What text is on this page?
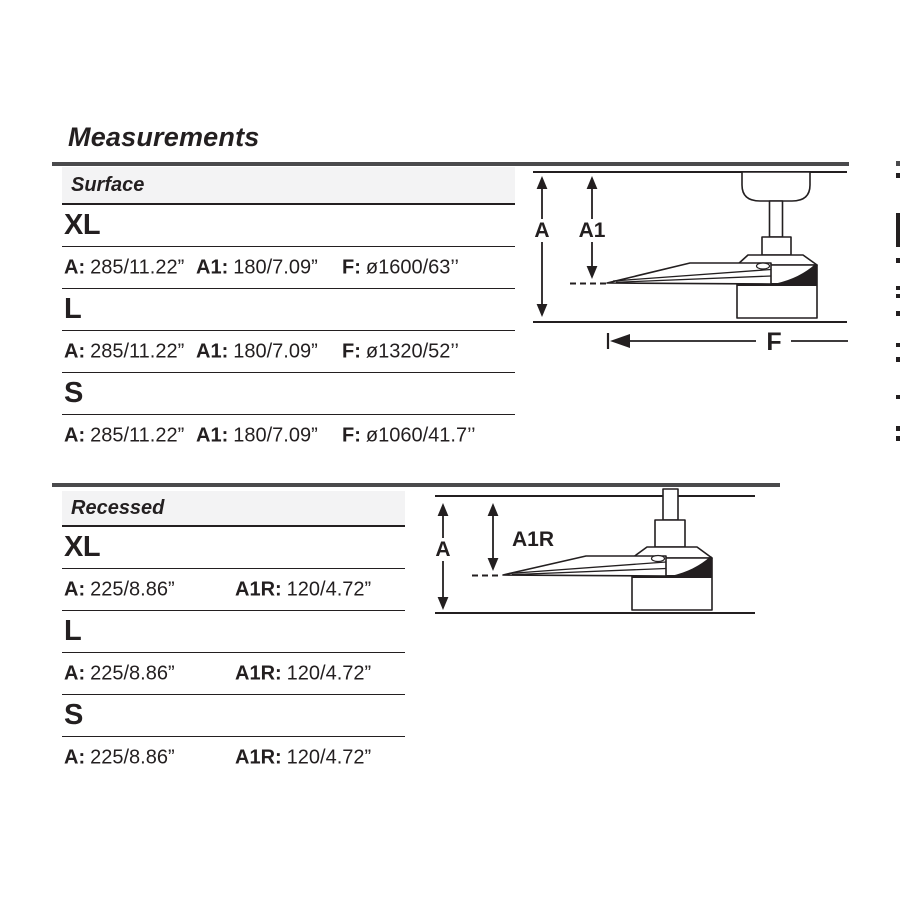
Measurements
Surface
XL
A: 285/11.22” A1: 180/7.09” F: ø1600/63’’
L
A: 285/11.22” A1: 180/7.09” F: ø1320/52’’
S
A: 285/11.22” A1: 180/7.09” F: ø1060/41.7’’
Recessed
XL
A: 225/8.86”	A1R: 120/4.72”
L
A: 225/8.86”	A1R: 120/4.72”
S
A: 225/8.86”	A1R: 120/4.72”
A A1
F
A	A1R
